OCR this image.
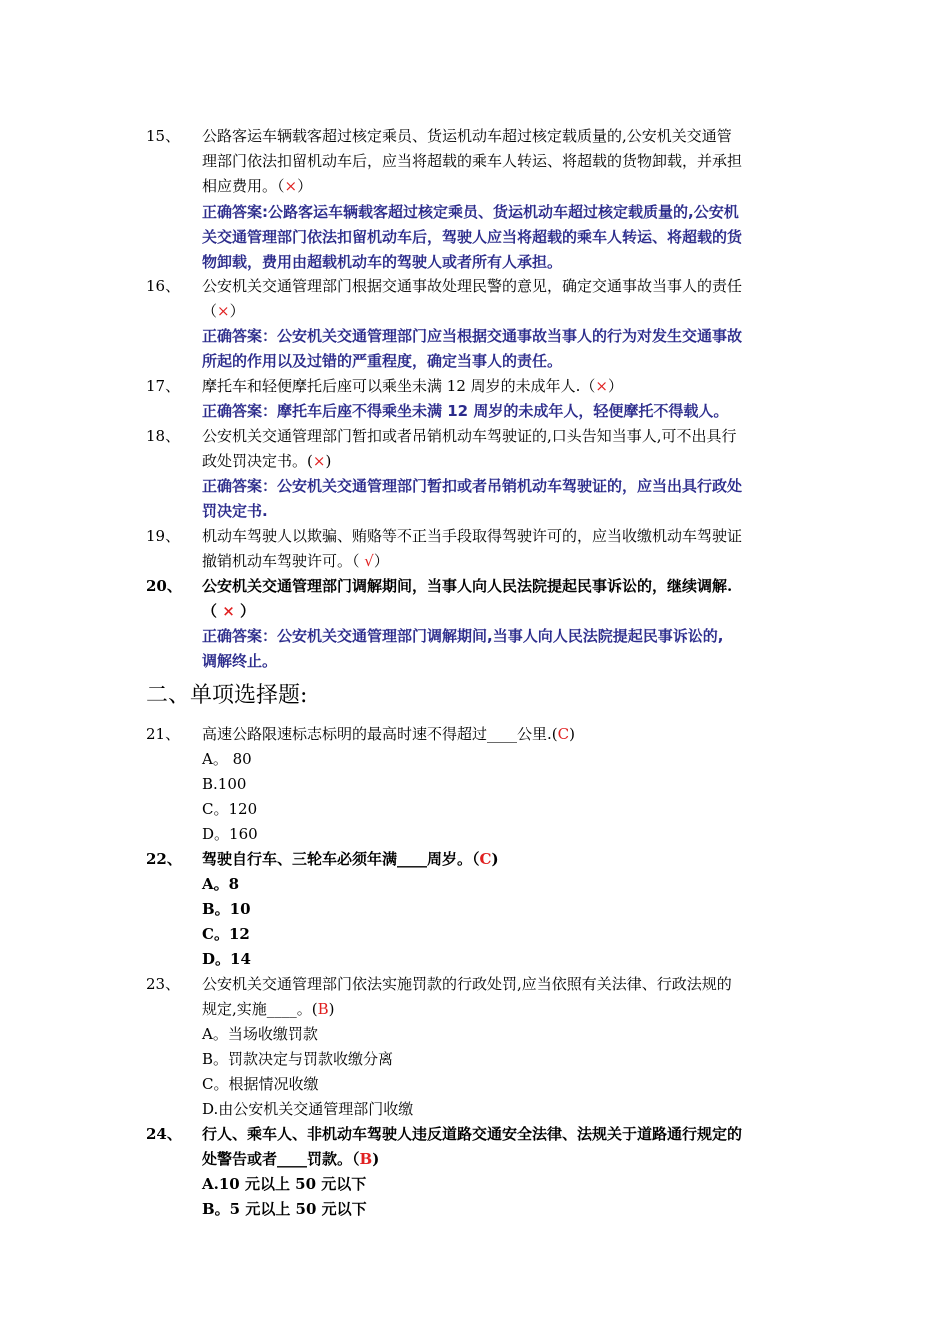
15、 公路客运车辆载客超过核定乘员、货运机动车超过核定载质量的,公安机关交通管
理部门依法扣留机动车后，应当将超载的乘车人转运、将超载的货物卸载，并承担
相应费用。（×）
正确答案:公路客运车辆载客超过核定乘员、货运机动车超过核定载质量的,公安机
关交通管理部门依法扣留机动车后，驾驶人应当将超载的乘车人转运、将超载的货
物卸载，费用由超载机动车的驾驶人或者所有人承担。
16、 公安机关交通管理部门根据交通事故处理民警的意见，确定交通事故当事人的责任
（×）
正确答案：公安机关交通管理部门应当根据交通事故当事人的行为对发生交通事故
所起的作用以及过错的严重程度，确定当事人的责任。
17、 摩托车和轻便摩托后座可以乘坐未满 12 周岁的未成年人.（×）
正确答案：摩托车后座不得乘坐未满 12 周岁的未成年人，轻便摩托不得载人。
18、 公安机关交通管理部门暂扣或者吊销机动车驾驶证的,口头告知当事人,可不出具行
政处罚决定书。(×)
正确答案：公安机关交通管理部门暂扣或者吊销机动车驾驶证的，应当出具行政处
罚决定书.
19、 机动车驾驶人以欺骗、贿赂等不正当手段取得驾驶许可的，应当收缴机动车驾驶证
撤销机动车驾驶许可。（ √）
20、 公安机关交通管理部门调解期间，当事人向人民法院提起民事诉讼的，继续调解.
（ × ）
正确答案：公安机关交通管理部门调解期间,当事人向人民法院提起民事诉讼的,
调解终止。
二、单项选择题:
21、 高速公路限速标志标明的最高时速不得超过____公里.(C)
A。 80
B.100
C。120
D。160
22、 驾驶自行车、三轮车必须年满____周岁。（C)
A。8
B。10
C。12
D。14
23、 公安机关交通管理部门依法实施罚款的行政处罚,应当依照有关法律、行政法规的
规定,实施____。(B)
A。当场收缴罚款
B。罚款决定与罚款收缴分离
C。根据情况收缴
D.由公安机关交通管理部门收缴
24、 行人、乘车人、非机动车驾驶人违反道路交通安全法律、法规关于道路通行规定的
处警告或者____罚款。（B)
A.10 元以上 50 元以下
B。5 元以上 50 元以下
